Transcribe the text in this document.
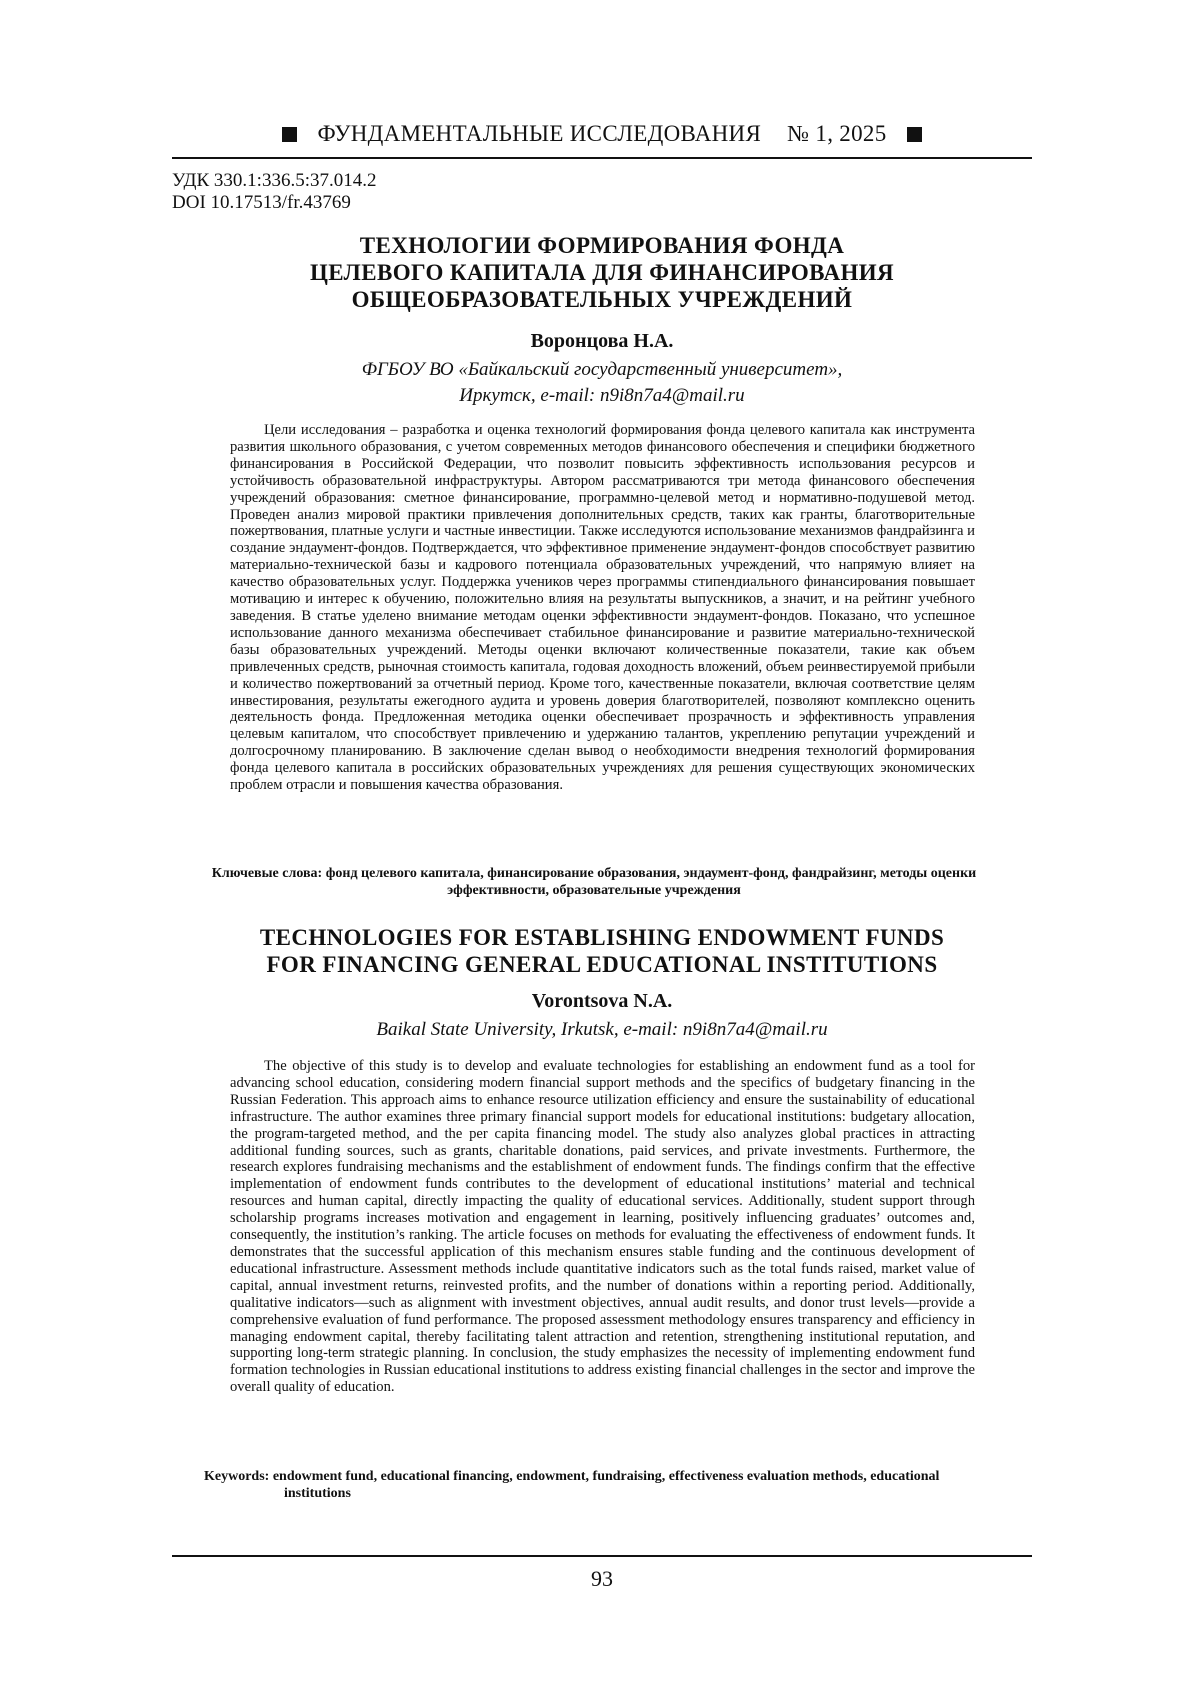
ФУНДАМЕНТАЛЬНЫЕ ИССЛЕДОВАНИЯ № 1, 2025
УДК 330.1:336.5:37.014.2
DOI 10.17513/fr.43769
ТЕХНОЛОГИИ ФОРМИРОВАНИЯ ФОНДА
ЦЕЛЕВОГО КАПИТАЛА ДЛЯ ФИНАНСИРОВАНИЯ
ОБЩЕОБРАЗОВАТЕЛЬНЫХ УЧРЕЖДЕНИЙ
Воронцова Н.А.
ФГБОУ ВО «Байкальский государственный университет»,
Иркутск, e-mail: n9i8n7a4@mail.ru
Цели исследования – разработка и оценка технологий формирования фонда целевого капитала как инструмента развития школьного образования, с учетом современных методов финансового обеспечения и специфики бюджетного финансирования в Российской Федерации, что позволит повысить эффективность использования ресурсов и устойчивость образовательной инфраструктуры. Автором рассматриваются три метода финансового обеспечения учреждений образования: сметное финансирование, программно-целевой метод и нормативно-подушевой метод. Проведен анализ мировой практики привлечения дополнительных средств, таких как гранты, благотворительные пожертвования, платные услуги и частные инвестиции. Также исследуются использование механизмов фандрайзинга и создание эндаумент-фондов. Подтверждается, что эффективное применение эндаумент-фондов способствует развитию материально-технической базы и кадрового потенциала образовательных учреждений, что напрямую влияет на качество образовательных услуг. Поддержка учеников через программы стипендиального финансирования повышает мотивацию и интерес к обучению, положительно влияя на результаты выпускников, а значит, и на рейтинг учебного заведения. В статье уделено внимание методам оценки эффективности эндаумент-фондов. Показано, что успешное использование данного механизма обеспечивает стабильное финансирование и развитие материально-технической базы образовательных учреждений. Методы оценки включают количественные показатели, такие как объем привлеченных средств, рыночная стоимость капитала, годовая доходность вложений, объем реинвестируемой прибыли и количество пожертвований за отчетный период. Кроме того, качественные показатели, включая соответствие целям инвестирования, результаты ежегодного аудита и уровень доверия благотворителей, позволяют комплексно оценить деятельность фонда. Предложенная методика оценки обеспечивает прозрачность и эффективность управления целевым капиталом, что способствует привлечению и удержанию талантов, укреплению репутации учреждений и долгосрочному планированию. В заключение сделан вывод о необходимости внедрения технологий формирования фонда целевого капитала в российских образовательных учреждениях для решения существующих экономических проблем отрасли и повышения качества образования.
Ключевые слова: фонд целевого капитала, финансирование образования, эндаумент-фонд, фандрайзинг, методы оценки эффективности, образовательные учреждения
TECHNOLOGIES FOR ESTABLISHING ENDOWMENT FUNDS
FOR FINANCING GENERAL EDUCATIONAL INSTITUTIONS
Vorontsova N.A.
Baikal State University, Irkutsk, e-mail: n9i8n7a4@mail.ru
The objective of this study is to develop and evaluate technologies for establishing an endowment fund as a tool for advancing school education, considering modern financial support methods and the specifics of budgetary financing in the Russian Federation. This approach aims to enhance resource utilization efficiency and ensure the sustainability of educational infrastructure. The author examines three primary financial support models for educational institutions: budgetary allocation, the program-targeted method, and the per capita financing model. The study also analyzes global practices in attracting additional funding sources, such as grants, charitable donations, paid services, and private investments. Furthermore, the research explores fundraising mechanisms and the establishment of endowment funds. The findings confirm that the effective implementation of endowment funds contributes to the development of educational institutions’ material and technical resources and human capital, directly impacting the quality of educational services. Additionally, student support through scholarship programs increases motivation and engagement in learning, positively influencing graduates’ outcomes and, consequently, the institution’s ranking. The article focuses on methods for evaluating the effectiveness of endowment funds. It demonstrates that the successful application of this mechanism ensures stable funding and the continuous development of educational infrastructure. Assessment methods include quantitative indicators such as the total funds raised, market value of capital, annual investment returns, reinvested profits, and the number of donations within a reporting period. Additionally, qualitative indicators—such as alignment with investment objectives, annual audit results, and donor trust levels—provide a comprehensive evaluation of fund performance. The proposed assessment methodology ensures transparency and efficiency in managing endowment capital, thereby facilitating talent attraction and retention, strengthening institutional reputation, and supporting long-term strategic planning. In conclusion, the study emphasizes the necessity of implementing endowment fund formation technologies in Russian educational institutions to address existing financial challenges in the sector and improve the overall quality of education.
Keywords: endowment fund, educational financing, endowment, fundraising, effectiveness evaluation methods, educational institutions
93
